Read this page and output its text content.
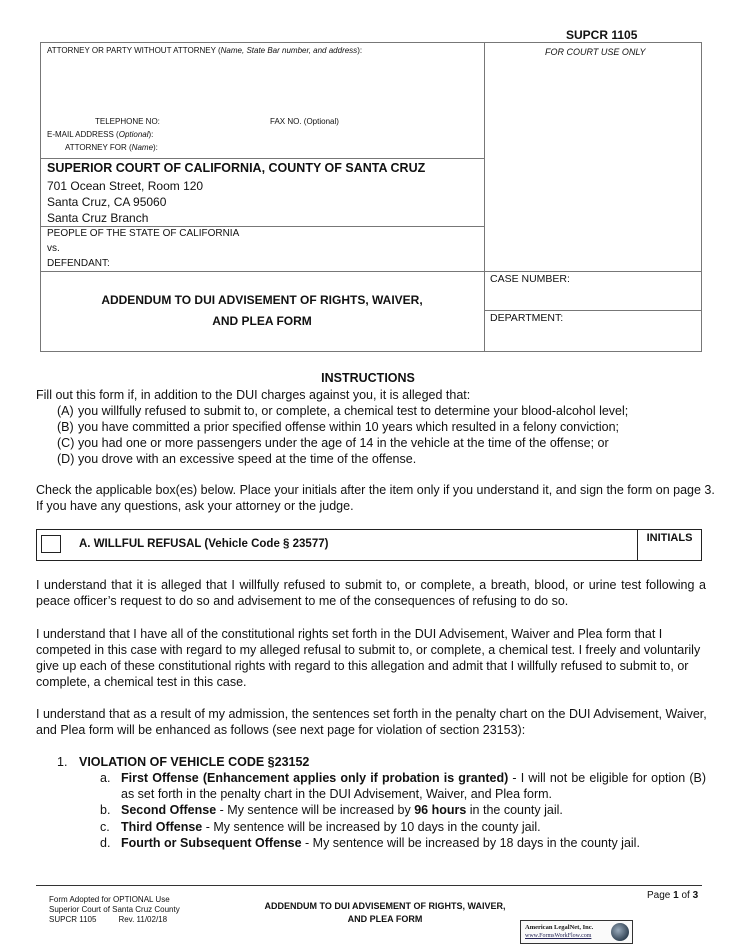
SUPCR 1105
ATTORNEY OR PARTY WITHOUT ATTORNEY (Name, State Bar number, and address):	FOR COURT USE ONLY
TELEPHONE NO:	FAX NO. (Optional)
E-MAIL ADDRESS (Optional):
ATTORNEY FOR (Name):
SUPERIOR COURT OF CALIFORNIA, COUNTY OF SANTA CRUZ
701 Ocean Street, Room 120
Santa Cruz, CA 95060
Santa Cruz Branch
PEOPLE OF THE STATE OF CALIFORNIA
vs.
DEFENDANT:
CASE NUMBER:
DEPARTMENT:
ADDENDUM TO DUI ADVISEMENT OF RIGHTS, WAIVER,
AND PLEA FORM
INSTRUCTIONS
Fill out this form if, in addition to the DUI charges against you, it is alleged that:
(A) you willfully refused to submit to, or complete, a chemical test to determine your blood-alcohol level;
(B) you have committed a prior specified offense within 10 years which resulted in a felony conviction;
(C) you had one or more passengers under the age of 14 in the vehicle at the time of the offense; or
(D) you drove with an excessive speed at the time of the offense.
Check the applicable box(es) below. Place your initials after the item only if you understand it, and sign the form on page 3.
If you have any questions, ask your attorney or the judge.
A. WILLFUL REFUSAL (Vehicle Code § 23577)	INITIALS
I understand that it is alleged that I willfully refused to submit to, or complete, a breath, blood, or urine test following a peace officer’s request to do so and advisement to me of the consequences of refusing to do so.
I understand that I have all of the constitutional rights set forth in the DUI Advisement, Waiver and Plea form that I competed in this case with regard to my alleged refusal to submit to, or complete, a chemical test. I freely and voluntarily give up each of these constitutional rights with regard to this allegation and admit that I willfully refused to submit to, or complete, a chemical test in this case.
I understand that as a result of my admission, the sentences set forth in the penalty chart on the DUI Advisement, Waiver, and Plea form will be enhanced as follows (see next page for violation of section 23153):
1. VIOLATION OF VEHICLE CODE §23152
a. First Offense (Enhancement applies only if probation is granted) - I will not be eligible for option (B) as set forth in the penalty chart in the DUI Advisement, Waiver, and Plea form.
b. Second Offense - My sentence will be increased by 96 hours in the county jail.
c. Third Offense - My sentence will be increased by 10 days in the county jail.
d. Fourth or Subsequent Offense - My sentence will be increased by 18 days in the county jail.
Form Adopted for OPTIONAL Use
Superior Court of Santa Cruz County
SUPCR 1105	Rev. 11/02/18
ADDENDUM TO DUI ADVISEMENT OF RIGHTS, WAIVER,
AND PLEA FORM
Page 1 of 3
American LegalNet, Inc.
www.FormsWorkFlow.com
